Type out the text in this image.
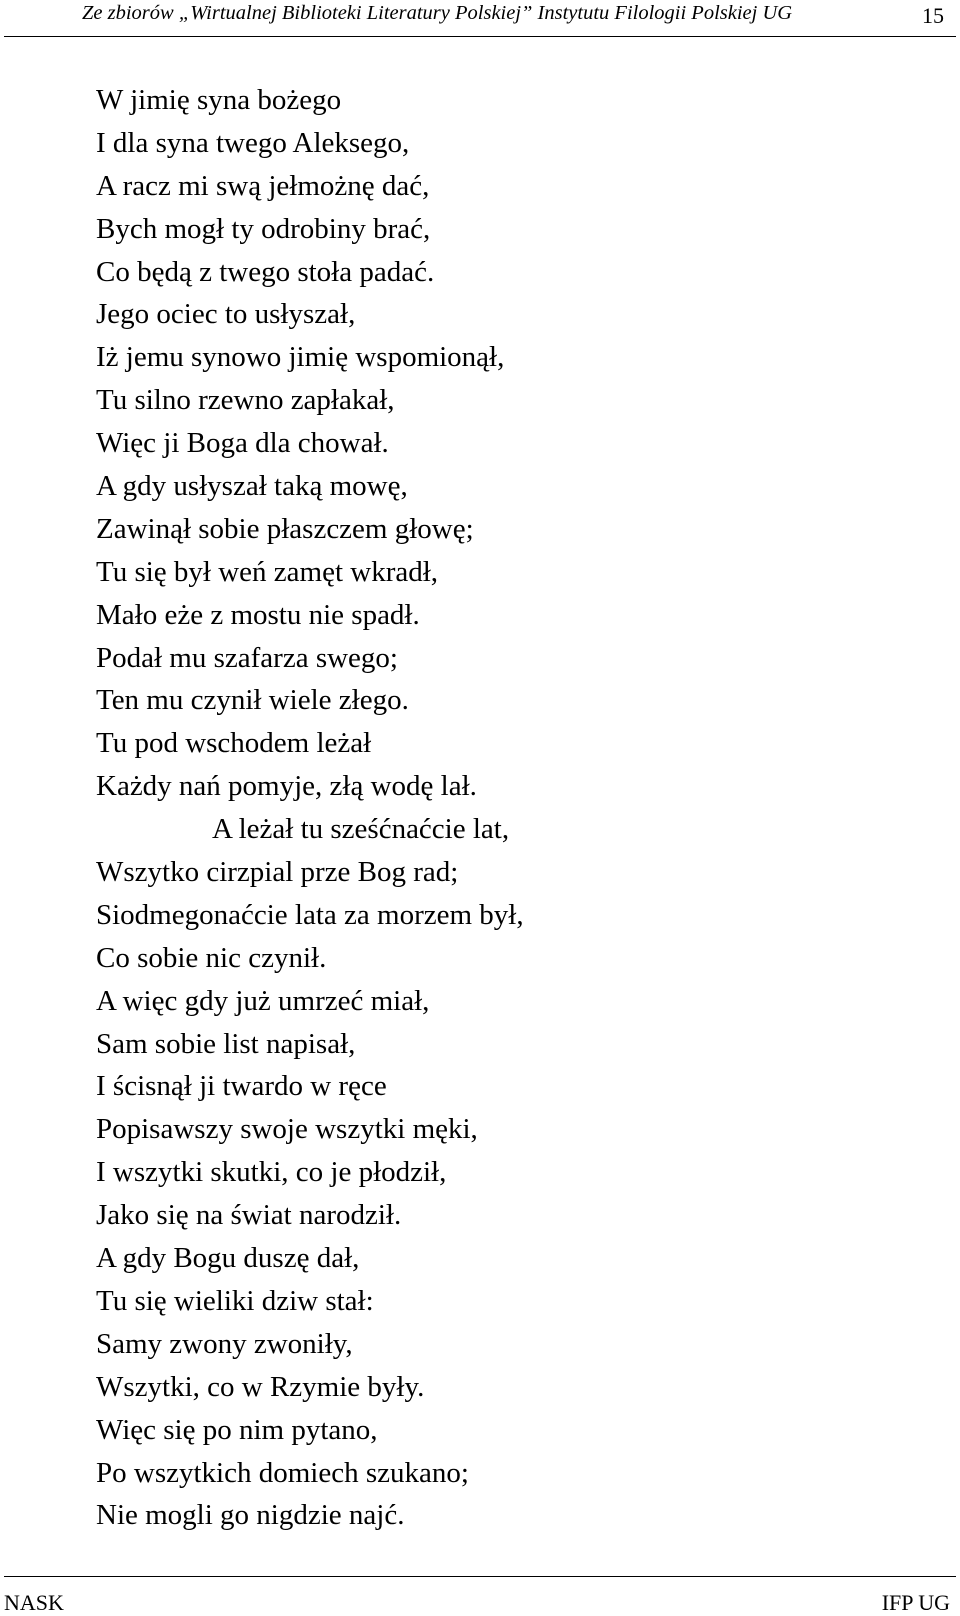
Ze zbiorów „Wirtualnej Biblioteki Literatury Polskiej” Instytutu Filologii Polskiej UG	15
W jimię syna bożego
I dla syna twego Aleksego,
A racz mi swą jełmożnę dać,
Bych mogł ty odrobiny brać,
Co będą z twego stoła padać.
Jego ociec to usłyszał,
Iż jemu synowo jimię wspomionął,
Tu silno rzewno zapłakał,
Więc ji Boga dla chował.
A gdy usłyszał taką mowę,
Zawinął sobie płaszczem głowę;
Tu się był weń zamęt wkradł,
Mało eże z mostu nie spadł.
Podał mu szafarza swego;
Ten mu czynił wiele złego.
Tu pod wschodem leżał
Każdy nań pomyje, złą wodę lał.
A leżał tu sześćnaćcie lat,
Wszytko cirzpial prze Bog rad;
Siodmegonaćcie lata za morzem był,
Co sobie nic czynił.
A więc gdy już umrzeć miał,
Sam sobie list napisał,
I ścisnął ji twardo w ręce
Popisawszy swoje wszytki męki,
I wszytki skutki, co je płodził,
Jako się na świat narodził.
A gdy Bogu duszę dał,
Tu się wieliki dziw stał:
Samy zwony zwoniły,
Wszytki, co w Rzymie były.
Więc się po nim pytano,
Po wszytkich domiech szukano;
Nie mogli go nigdzie najć.
NASK	IFP UG
